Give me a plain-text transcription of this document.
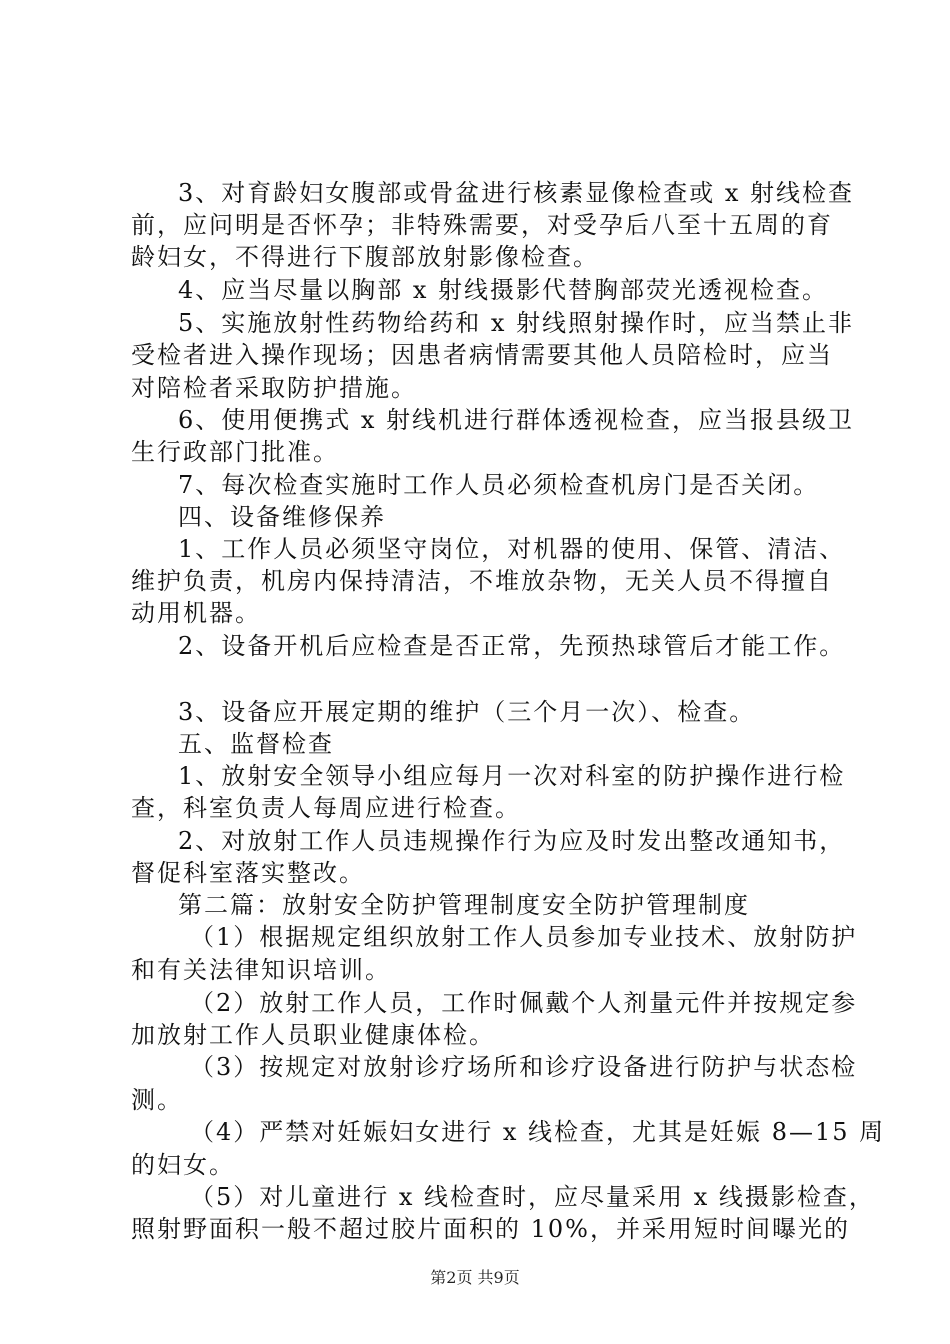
3、对育龄妇女腹部或骨盆进行核素显像检查或 x 射线检查
前，应问明是否怀孕；非特殊需要，对受孕后八至十五周的育
龄妇女，不得进行下腹部放射影像检查。
4、应当尽量以胸部 x 射线摄影代替胸部荧光透视检查。
5、实施放射性药物给药和 x 射线照射操作时，应当禁止非
受检者进入操作现场；因患者病情需要其他人员陪检时，应当
对陪检者采取防护措施。
6、使用便携式 x 射线机进行群体透视检查，应当报县级卫
生行政部门批准。
7、每次检查实施时工作人员必须检查机房门是否关闭。
四、设备维修保养
1、工作人员必须坚守岗位，对机器的使用、保管、清洁、
维护负责，机房内保持清洁，不堆放杂物，无关人员不得擅自
动用机器。
2、设备开机后应检查是否正常，先预热球管后才能工作。
3、设备应开展定期的维护（三个月一次）、检查。
五、监督检查
1、放射安全领导小组应每月一次对科室的防护操作进行检
查，科室负责人每周应进行检查。
2、对放射工作人员违规操作行为应及时发出整改通知书，
督促科室落实整改。
第二篇：放射安全防护管理制度安全防护管理制度
（1）根据规定组织放射工作人员参加专业技术、放射防护
和有关法律知识培训。
（2）放射工作人员，工作时佩戴个人剂量元件并按规定参
加放射工作人员职业健康体检。
（3）按规定对放射诊疗场所和诊疗设备进行防护与状态检
测。
（4）严禁对妊娠妇女进行 x 线检查，尤其是妊娠 8—15 周
的妇女。
（5）对儿童进行 x 线检查时，应尽量采用 x 线摄影检查，
照射野面积一般不超过胶片面积的 10%，并采用短时间曝光的
第2页 共9页
